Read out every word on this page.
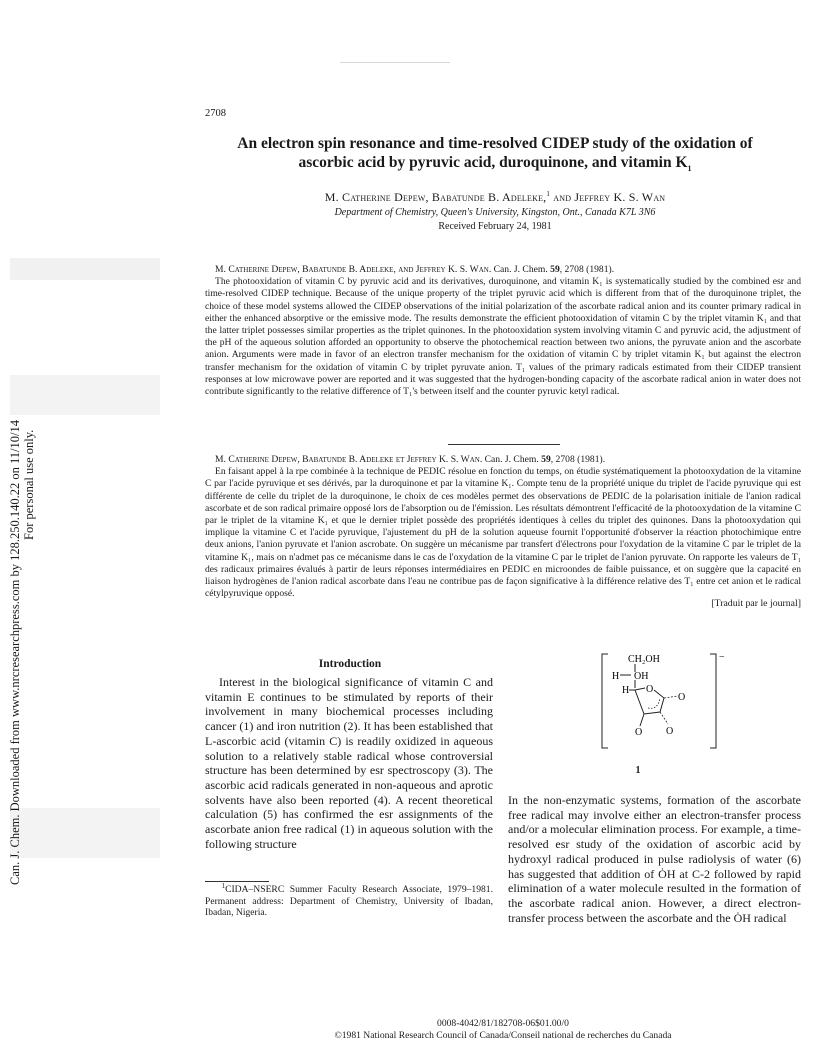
Can. J. Chem. Downloaded from www.nrcresearchpress.com by 128.250.140.22 on 11/10/14 For personal use only.
2708
An electron spin resonance and time-resolved CIDEP study of the oxidation of
ascorbic acid by pyruvic acid, duroquinone, and vitamin $K_1$
M. Catherine Depew, Babatunde B. Adeleke,$^1$ and Jeffrey K. S. Wan
Department of Chemistry, Queen's University, Kingston, Ont., Canada K7L 3N6
Received February 24, 1981

M. Catherine Depew, Babatunde B. Adeleke, and Jeffrey K. S. Wan. Can. J. Chem. 59, 2708 (1981).

The photooxidation of vitamin C by pyruvic acid and its derivatives, duroquinone, and vitamin K₁ is systematically studied by the combined esr and time-resolved CIDEP technique. Because of the unique property of the triplet pyruvic acid which is different from that of the duroquinone triplet, the choice of these model systems allowed the CIDEP observations of the initial polarization of the ascorbate radical anion and its counter primary radical in either the enhanced absorptive or the emissive mode. The results demonstrate the efficient photooxidation of vitamin C by the triplet vitamin K₁ and that the latter triplet possesses similar properties as the triplet quinones. In the photooxidation system involving vitamin C and pyruvic acid, the adjustment of the pH of the aqueous solution afforded an opportunity to observe the photochemical reaction between two anions, the pyruvate anion and the ascorbate anion. Arguments were made in favor of an electron transfer mechanism for the oxidation of vitamin C by triplet vitamin K₁ but against the electron transfer mechanism for the oxidation of vitamin C by triplet pyruvate anion. T₁ values of the primary radicals estimated from their CIDEP transient responses at low microwave power are reported and it was suggested that the hydrogen-bonding capacity of the ascorbate radical anion in water does not contribute significantly to the relative difference of T₁'s between itself and the counter pyruvic ketyl radical.

M. Catherine Depew, Babatunde B. Adeleke et Jeffrey K. S. Wan. Can. J. Chem. 59, 2708 (1981).

En faisant appel à la rpe combinée à la technique de PEDIC résolue en fonction du temps, on étudie systématiquement la photooxydation de la vitamine C par l'acide pyruvique et ses dérivés, par la duroquinone et par la vitamine K₁. Compte tenu de la propriété unique du triplet de l'acide pyruvique qui est différente de celle du triplet de la duroquinone, le choix de ces modèles permet des observations de PEDIC de la polarisation initiale de l'anion radical ascorbate et de son radical primaire opposé lors de l'absorption ou de l'émission. Les résultats démontrent l'efficacité de la photooxydation de la vitamine C par le triplet de la vitamine K₁ et que le dernier triplet possède des propriétés identiques à celles du triplet des quinones. Dans la photooxydation qui implique la vitamine C et l'acide pyruvique, l'ajustement du pH de la solution aqueuse fournit l'opportunité d'observer la réaction photochimique entre deux anions, l'anion pyruvate et l'anion ascrobate. On suggère un mécanisme par transfert d'électrons pour l'oxydation de la vitamine C par le triplet de la vitamine K₁, mais on n'admet pas ce mécanisme dans le cas de l'oxydation de la vitamine C par le triplet de l'anion pyruvate. On rapporte les valeurs de T₁ des radicaux primaires évalués à partir de leurs réponses intermédiaires en PEDIC en microondes de faible puissance, et on suggère que la capacité en liaison hydrogènes de l'anion radical ascorbate dans l'eau ne contribue pas de façon significative à la différence relative des T₁ entre cet anion et le radical cétylpyruvique opposé.

[Traduit par le journal]
Introduction

Interest in the biological significance of vitamin C and vitamin E continues to be stimulated by reports of their involvement in many biochemical processes including cancer (1) and iron nutrition (2). It has been established that L-ascorbic acid (vitamin C) is readily oxidized in aqueous solution to a relatively stable radical whose controversial structure has been determined by esr spectroscopy (3). The ascorbic acid radicals generated in non-aqueous and aprotic solvents have also been reported (4). A recent theoretical calculation (5) has confirmed the esr assignments of the ascorbate anion free radical (1) in aqueous solution with the following structure

$^1$CIDA–NSERC Summer Faculty Research Associate, 1979–1981. Permanent address: Department of Chemistry, University of Ibadan, Ibadan, Nigeria.
−
CH₂OH
H OH
H O
O
O O
1

In the non-enzymatic systems, formation of the ascorbate free radical may involve either an electron-transfer process and/or a molecular elimination process. For example, a time-resolved esr study of the oxidation of ascorbic acid by hydroxyl radical produced in pulse radiolysis of water (6) has suggested that addition of ȮH at C-2 followed by rapid elimination of a water molecule resulted in the formation of the ascorbate radical anion. However, a direct electron-transfer process between the ascorbate and the ȮH radical

0008-4042/81/182708-06$01.00/0
©1981 National Research Council of Canada/Conseil national de recherches du Canada
